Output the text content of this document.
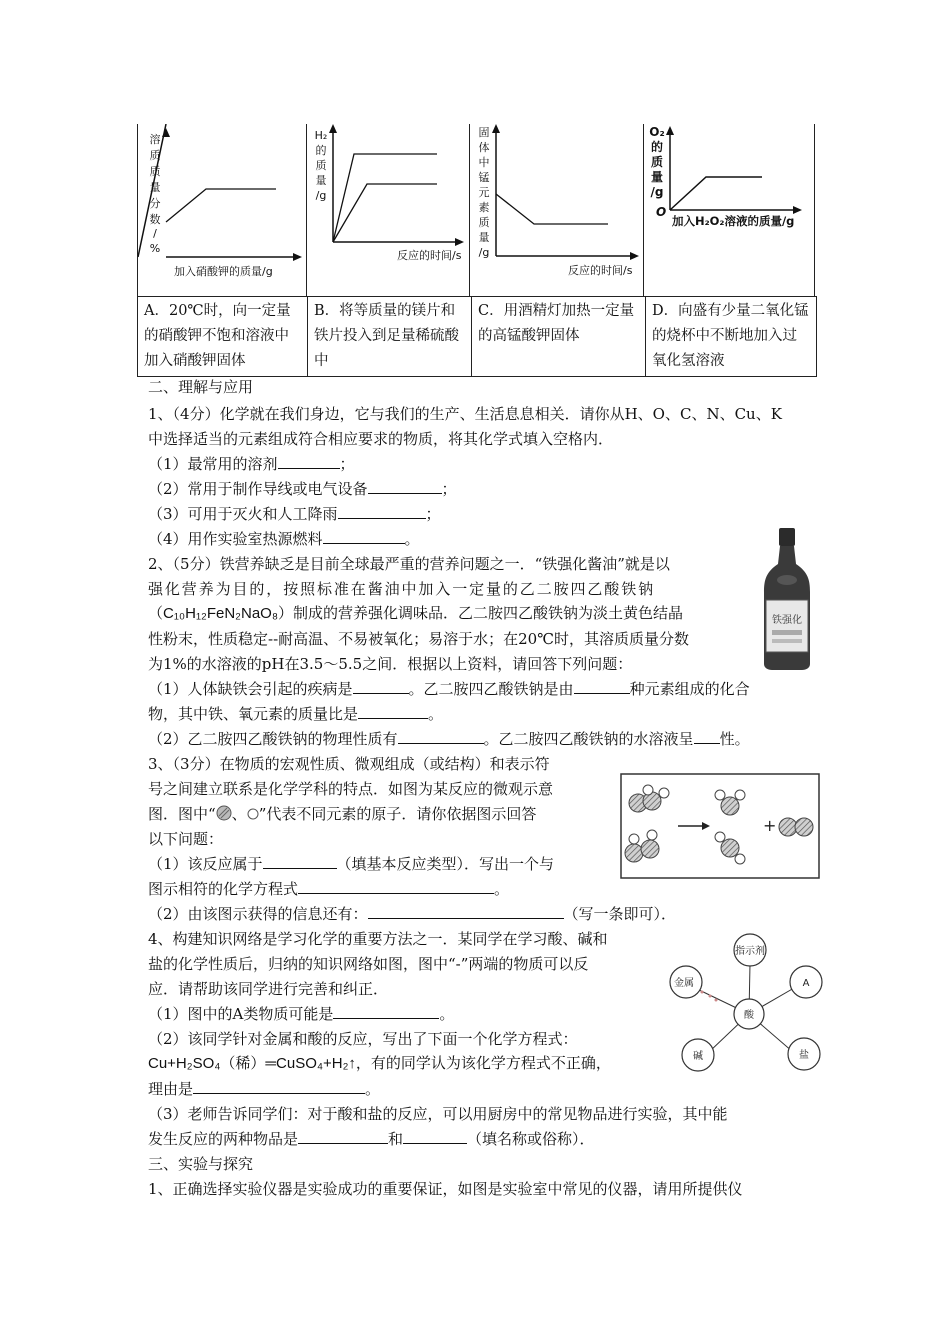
溶
质
质
量
分
数
/
%
加入硝酸钾的质量/g
H₂
的
质
量
/g
反应的时间/s
固
体
中
锰
元
素
质
量
/g
反应的时间/s
O₂
的
质
量
/g
O
加入H₂O₂溶液的质量/g
A．20℃时，向一定量的硝酸钾不饱和溶液中加入硝酸钾固体	B．将等质量的镁片和铁片投入到足量稀硫酸中	C．用酒精灯加热一定量的高锰酸钾固体	D．向盛有少量二氧化锰的烧杯中不断地加入过氧化氢溶液
二、理解与应用
1、（4分）化学就在我们身边，它与我们的生产、生活息息相关．请你从H、O、C、N、Cu、K
中选择适当的元素组成符合相应要求的物质，将其化学式填入空格内．
（1）最常用的溶剂	；
（2）常用于制作导线或电气设备	；
（3）可用于灭火和人工降雨	；
（4）用作实验室热源燃料	。
2、（5分）铁营养缺乏是目前全球最严重的营养问题之一．“铁强化酱油”就是以
强化营养为目的，按照标准在酱油中加入一定量的乙二胺四乙酸铁钠
（C₁₀H₁₂FeN₂NaO₈）制成的营养强化调味品．乙二胺四乙酸铁钠为淡土黄色结晶
性粉末，性质稳定--耐高温、不易被氧化；易溶于水；在20℃时，其溶质质量分数
为1%的水溶液的pH在3.5～5.5之间．根据以上资料，请回答下列问题：
（1）人体缺铁会引起的疾病是	。乙二胺四乙酸铁钠是由	种元素组成的化合
物，其中铁、氧元素的质量比是	。
（2）乙二胺四乙酸铁钠的物理性质有	。乙二胺四乙酸铁钠的水溶液呈 性。
铁强化
3、（3分）在物质的宏观性质、微观组成（或结构）和表示符
号之间建立联系是化学学科的特点．如图为某反应的微观示意
图．图中“ 、 ”代表不同元素的原子．请你依据图示回答
以下问题：
（1）该反应属于	（填基本反应类型）．写出一个与
图示相符的化学方程式	。
（2）由该图示获得的信息还有：	（写一条即可）．
+
4、构建知识网络是学习化学的重要方法之一．某同学在学习酸、碱和
盐的化学性质后，归纳的知识网络如图，图中“-”两端的物质可以反
应．请帮助该同学进行完善和纠正．
（1）图中的A类物质可能是	。
（2）该同学针对金属和酸的反应，写出了下面一个化学方程式：
Cu+H₂SO₄（稀）═CuSO₄+H₂↑，有的同学认为该化学方程式不正确，
理由是	。
（3）老师告诉同学们：对于酸和盐的反应，可以用厨房中的常见物品进行实验，其中能
发生反应的两种物品是	和	（填名称或俗称）．
指示剂
酸
金属	A
碱	盐
三、实验与探究
1、正确选择实验仪器是实验成功的重要保证，如图是实验室中常见的仪器，请用所提供仪
